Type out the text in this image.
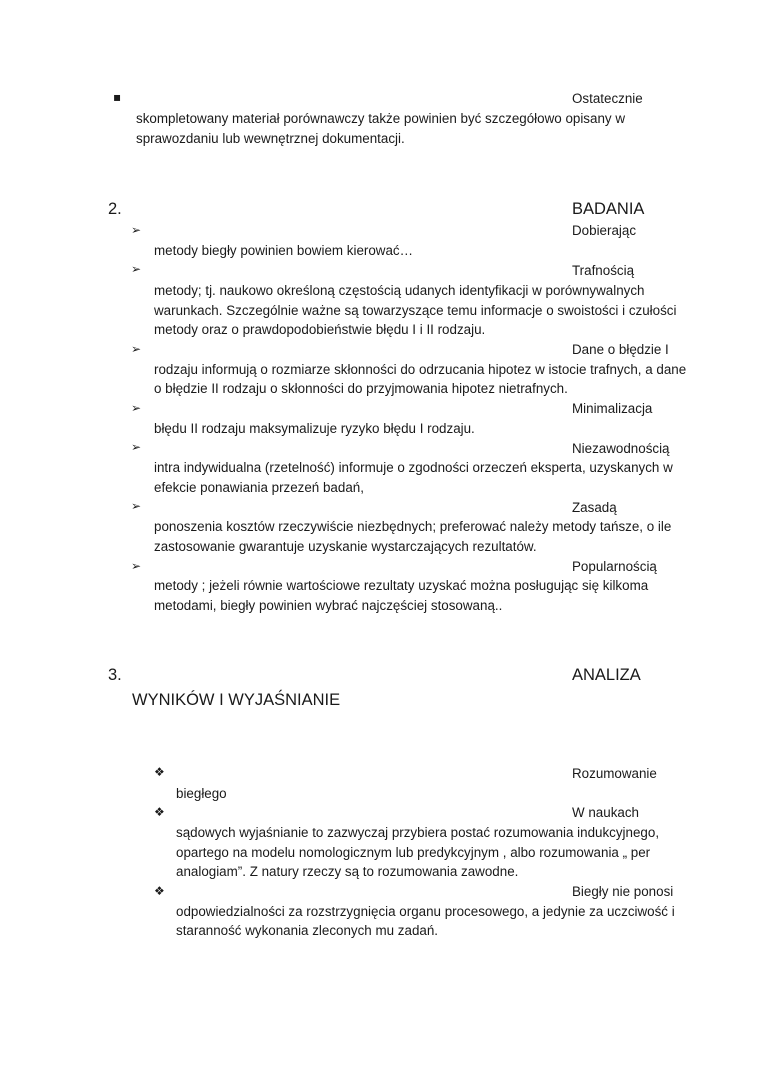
▪	Ostatecznie
skompletowany materiał porównawczy także powinien być szczegółowo opisany w
sprawozdaniu lub wewnętrznej dokumentacji.
2.	BADANIA
➢	Dobierając
metody biegły powinien bowiem kierować…
➢	Trafnością
metody; tj. naukowo określoną częstością udanych identyfikacji w porównywalnych
warunkach. Szczególnie ważne są towarzyszące temu informacje o swoistości i czułości
metody oraz o prawdopodobieństwie błędu I i II rodzaju.
➢	Dane o błędzie I
rodzaju informują o rozmiarze skłonności do odrzucania hipotez w istocie trafnych, a dane
o błędzie II rodzaju o skłonności do przyjmowania hipotez nietrafnych.
➢	Minimalizacja
błędu II rodzaju maksymalizuje ryzyko błędu I rodzaju.
➢	Niezawodnością
intra indywidualna (rzetelność) informuje o zgodności orzeczeń eksperta, uzyskanych w
efekcie ponawiania przezeń badań,
➢	Zasadą
ponoszenia kosztów rzeczywiście niezbędnych; preferować należy metody tańsze, o ile
zastosowanie gwarantuje uzyskanie wystarczających rezultatów.
➢	Popularnością
metody ; jeżeli równie wartościowe rezultaty uzyskać można posługując się kilkoma
metodami, biegły powinien wybrać najczęściej stosowaną..
3.	ANALIZA
WYNIKÓW I WYJAŚNIANIE
❖	Rozumowanie
biegłego
❖	W naukach
sądowych wyjaśnianie to zazwyczaj przybiera postać rozumowania indukcyjnego,
opartego na modelu nomologicznym lub predykcyjnym , albo rozumowania „ per
analogiam”. Z natury rzeczy są to rozumowania zawodne.
❖	Biegły nie ponosi
odpowiedzialności za rozstrzygnięcia organu procesowego, a jedynie za uczciwość i
staranność wykonania zleconych mu zadań.
